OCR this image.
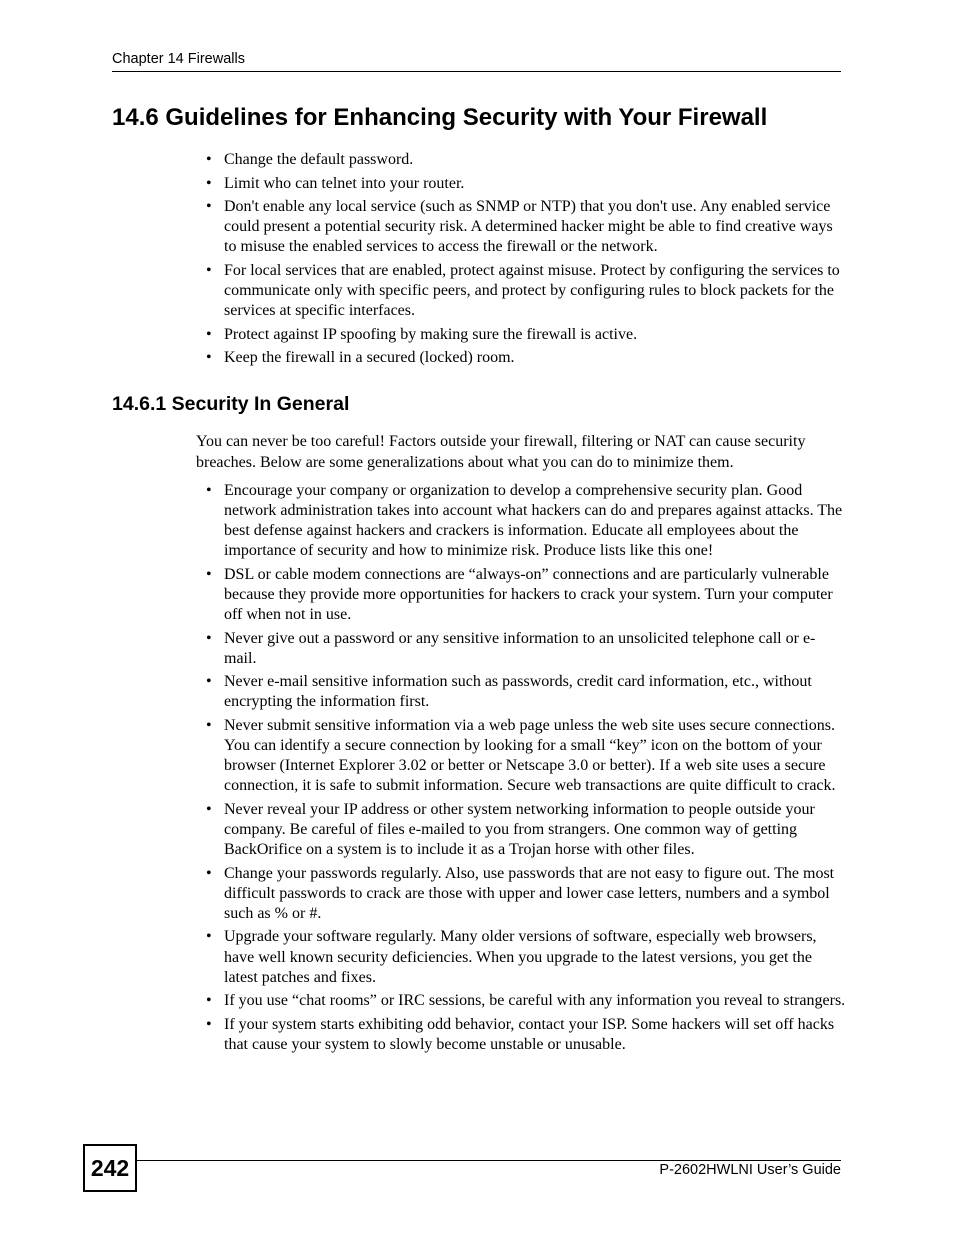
Chapter 14 Firewalls
14.6 Guidelines for Enhancing Security with Your Firewall
• Change the default password.
• Limit who can telnet into your router.
• Don't enable any local service (such as SNMP or NTP) that you don't use. Any enabled service could present a potential security risk. A determined hacker might be able to find creative ways to misuse the enabled services to access the firewall or the network.
• For local services that are enabled, protect against misuse. Protect by configuring the services to communicate only with specific peers, and protect by configuring rules to block packets for the services at specific interfaces.
• Protect against IP spoofing by making sure the firewall is active.
• Keep the firewall in a secured (locked) room.
14.6.1 Security In General

You can never be too careful! Factors outside your firewall, filtering or NAT can cause security breaches. Below are some generalizations about what you can do to minimize them.

• Encourage your company or organization to develop a comprehensive security plan. Good network administration takes into account what hackers can do and prepares against attacks. The best defense against hackers and crackers is information. Educate all employees about the importance of security and how to minimize risk. Produce lists like this one!
• DSL or cable modem connections are “always-on” connections and are particularly vulnerable because they provide more opportunities for hackers to crack your system. Turn your computer off when not in use.
• Never give out a password or any sensitive information to an unsolicited telephone call or e-mail.
• Never e-mail sensitive information such as passwords, credit card information, etc., without encrypting the information first.
• Never submit sensitive information via a web page unless the web site uses secure connections. You can identify a secure connection by looking for a small “key” icon on the bottom of your browser (Internet Explorer 3.02 or better or Netscape 3.0 or better). If a web site uses a secure connection, it is safe to submit information. Secure web transactions are quite difficult to crack.
• Never reveal your IP address or other system networking information to people outside your company. Be careful of files e-mailed to you from strangers. One common way of getting BackOrifice on a system is to include it as a Trojan horse with other files.
• Change your passwords regularly. Also, use passwords that are not easy to figure out. The most difficult passwords to crack are those with upper and lower case letters, numbers and a symbol such as % or #.
• Upgrade your software regularly. Many older versions of software, especially web browsers, have well known security deficiencies. When you upgrade to the latest versions, you get the latest patches and fixes.
• If you use “chat rooms” or IRC sessions, be careful with any information you reveal to strangers.
• If your system starts exhibiting odd behavior, contact your ISP. Some hackers will set off hacks that cause your system to slowly become unstable or unusable.
242	P-2602HWLNI User’s Guide
